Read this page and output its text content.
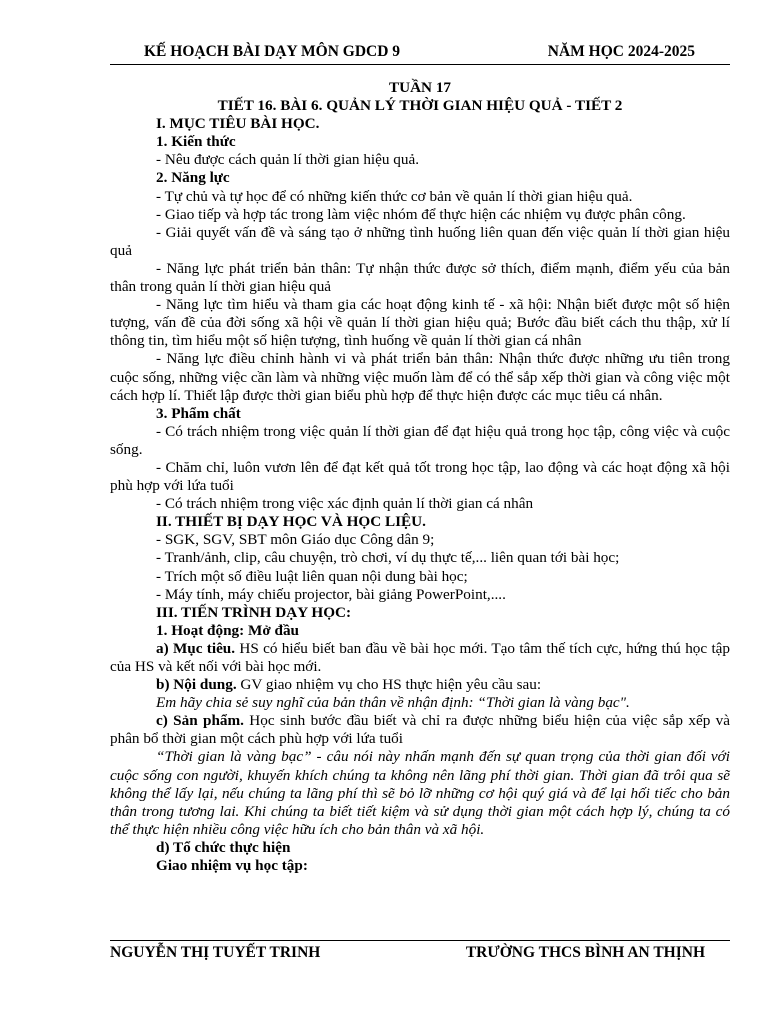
KẾ HOẠCH BÀI DẠY MÔN GDCD 9	NĂM HỌC 2024-2025

TUẦN 17

TIẾT 16. BÀI 6. QUẢN LÝ THỜI GIAN HIỆU QUẢ - TIẾT 2

I. MỤC TIÊU BÀI HỌC.

1. Kiến thức

- Nêu được cách quản lí thời gian hiệu quả.

2. Năng lực

- Tự chủ và tự học để có những kiến thức cơ bản về quản lí thời gian hiệu quả.

- Giao tiếp và hợp tác trong làm việc nhóm để thực hiện các nhiệm vụ được phân công.

- Giải quyết vấn đề và sáng tạo ở những tình huống liên quan đến việc quản lí thời gian hiệu quả

- Năng lực phát triển bản thân: Tự nhận thức được sở thích, điểm mạnh, điểm yếu của bản thân trong quản lí thời gian hiệu quả

- Năng lực tìm hiểu và tham gia các hoạt động kinh tế - xã hội: Nhận biết được một số hiện tượng, vấn đề của đời sống xã hội về quản lí thời gian hiệu quả; Bước đầu biết cách thu thập, xử lí thông tin, tìm hiểu một số hiện tượng, tình huống về quản lí thời gian cá nhân

- Năng lực điều chỉnh hành vi và phát triển bản thân: Nhận thức được những ưu tiên trong cuộc sống, những việc cần làm và những việc muốn làm để có thể sắp xếp thời gian và công việc một cách hợp lí. Thiết lập được thời gian biểu phù hợp để thực hiện được các mục tiêu cá nhân.

3. Phẩm chất

- Có trách nhiệm trong việc quản lí thời gian để đạt hiệu quả trong học tập, công việc và cuộc sống.

- Chăm chỉ, luôn vươn lên để đạt kết quả tốt trong học tập, lao động và các hoạt động xã hội phù hợp với lứa tuổi

- Có trách nhiệm trong việc xác định quản lí thời gian cá nhân

II. THIẾT BỊ DẠY HỌC VÀ HỌC LIỆU.

- SGK, SGV, SBT môn Giáo dục Công dân 9;

- Tranh/ảnh, clip, câu chuyện, trò chơi, ví dụ thực tế,... liên quan tới bài học;

- Trích một số điều luật liên quan nội dung bài học;

- Máy tính, máy chiếu projector, bài giảng PowerPoint,....

III. TIẾN TRÌNH DẠY HỌC:

1. Hoạt động: Mở đầu

a) Mục tiêu. HS có hiểu biết ban đầu về bài học mới. Tạo tâm thế tích cực, hứng thú học tập của HS và kết nối với bài học mới.

b) Nội dung. GV giao nhiệm vụ cho HS thực hiện yêu cầu sau:

Em hãy chia sẻ suy nghĩ của bản thân về nhận định: “Thời gian là vàng bạc".

c) Sản phẩm. Học sinh bước đầu biết và chỉ ra được những biểu hiện của việc sắp xếp và phân bổ thời gian một cách phù hợp với lứa tuổi

“Thời gian là vàng bạc” - câu nói này nhấn mạnh đến sự quan trọng của thời gian đối với cuộc sống con người, khuyến khích chúng ta không nên lãng phí thời gian. Thời gian đã trôi qua sẽ không thể lấy lại, nếu chúng ta lãng phí thì sẽ bỏ lỡ những cơ hội quý giá và để lại hối tiếc cho bản thân trong tương lai. Khi chúng ta biết tiết kiệm và sử dụng thời gian một cách hợp lý, chúng ta có thể thực hiện nhiều công việc hữu ích cho bản thân và xã hội.

d) Tổ chức thực hiện

Giao nhiệm vụ học tập:

NGUYỄN THỊ TUYẾT TRINH	TRƯỜNG THCS BÌNH AN THỊNH
